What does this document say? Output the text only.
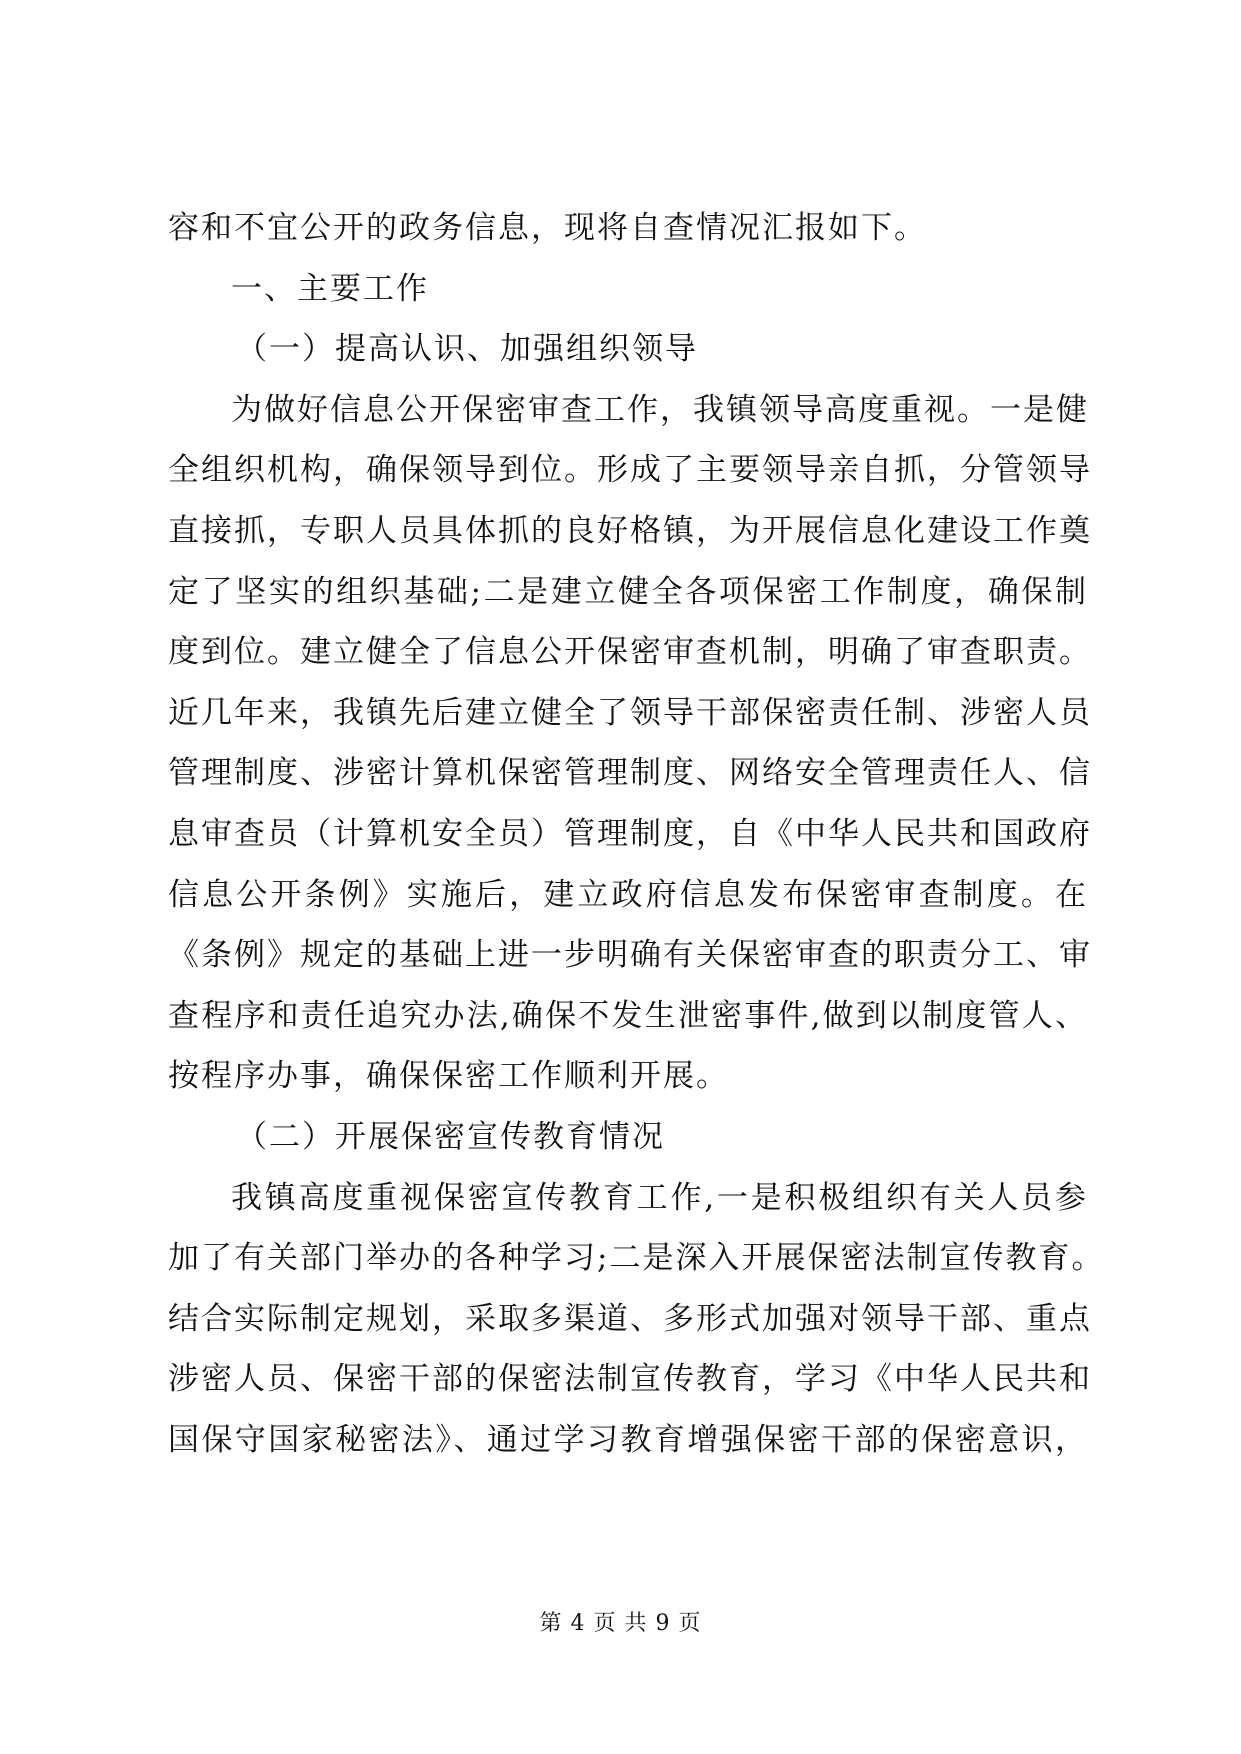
容和不宜公开的政务信息，现将自查情况汇报如下。
一、主要工作
（一）提高认识、加强组织领导
为做好信息公开保密审查工作，我镇领导高度重视。一是健
全组织机构，确保领导到位。形成了主要领导亲自抓，分管领导
直接抓，专职人员具体抓的良好格镇，为开展信息化建设工作奠
定了坚实的组织基础;二是建立健全各项保密工作制度，确保制
度到位。建立健全了信息公开保密审查机制，明确了审查职责。
近几年来，我镇先后建立健全了领导干部保密责任制、涉密人员
管理制度、涉密计算机保密管理制度、网络安全管理责任人、信
息审查员（计算机安全员）管理制度，自《中华人民共和国政府
信息公开条例》实施后，建立政府信息发布保密审查制度。在
《条例》规定的基础上进一步明确有关保密审查的职责分工、审
查程序和责任追究办法,确保不发生泄密事件,做到以制度管人、
按程序办事，确保保密工作顺利开展。
（二）开展保密宣传教育情况
我镇高度重视保密宣传教育工作,一是积极组织有关人员参
加了有关部门举办的各种学习;二是深入开展保密法制宣传教育。
结合实际制定规划，采取多渠道、多形式加强对领导干部、重点
涉密人员、保密干部的保密法制宣传教育，学习《中华人民共和
国保守国家秘密法》、通过学习教育增强保密干部的保密意识，
第 4 页 共 9 页
